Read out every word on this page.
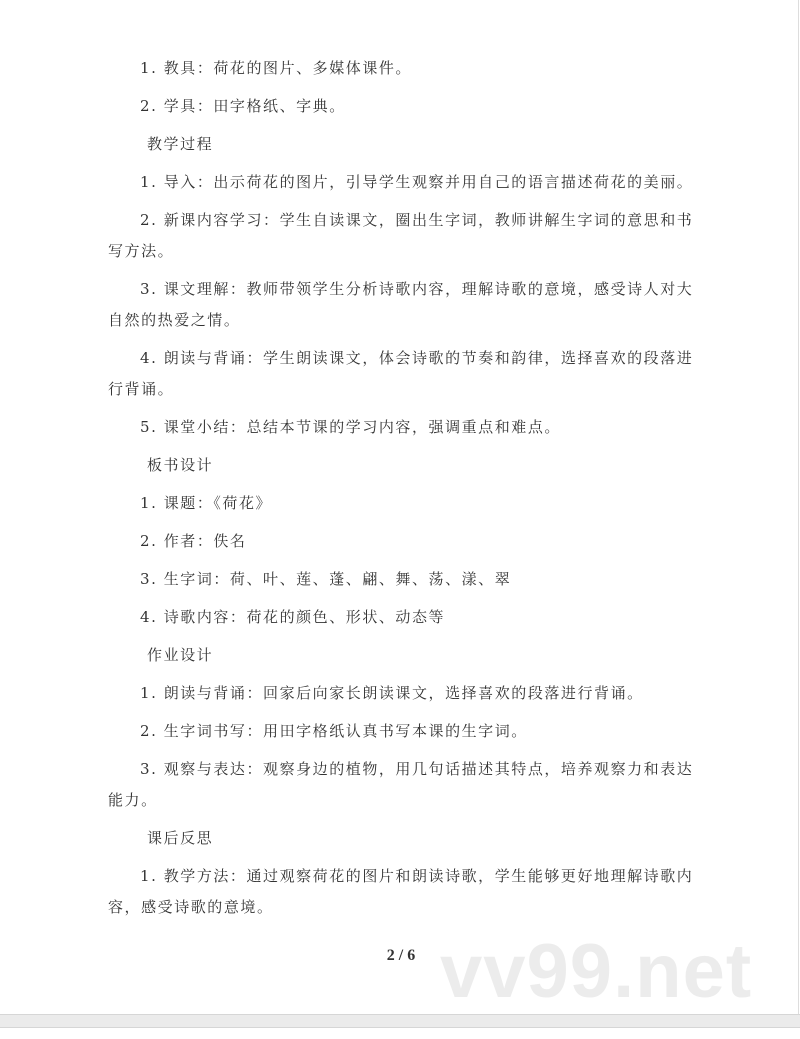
vv99.net

1. 教具：荷花的图片、多媒体课件。

2. 学具：田字格纸、字典。

教学过程

1. 导入：出示荷花的图片，引导学生观察并用自己的语言描述荷花的美丽。

2. 新课内容学习：学生自读课文，圈出生字词，教师讲解生字词的意思和书写方法。

3. 课文理解：教师带领学生分析诗歌内容，理解诗歌的意境，感受诗人对大自然的热爱之情。

4. 朗读与背诵：学生朗读课文，体会诗歌的节奏和韵律，选择喜欢的段落进行背诵。

5. 课堂小结：总结本节课的学习内容，强调重点和难点。

板书设计

1. 课题：《荷花》

2. 作者：佚名

3. 生字词：荷、叶、莲、蓬、翩、舞、荡、漾、翠

4. 诗歌内容：荷花的颜色、形状、动态等

作业设计

1. 朗读与背诵：回家后向家长朗读课文，选择喜欢的段落进行背诵。

2. 生字词书写：用田字格纸认真书写本课的生字词。

3. 观察与表达：观察身边的植物，用几句话描述其特点，培养观察力和表达能力。

课后反思

1. 教学方法：通过观察荷花的图片和朗读诗歌，学生能够更好地理解诗歌内容，感受诗歌的意境。

2 / 6
